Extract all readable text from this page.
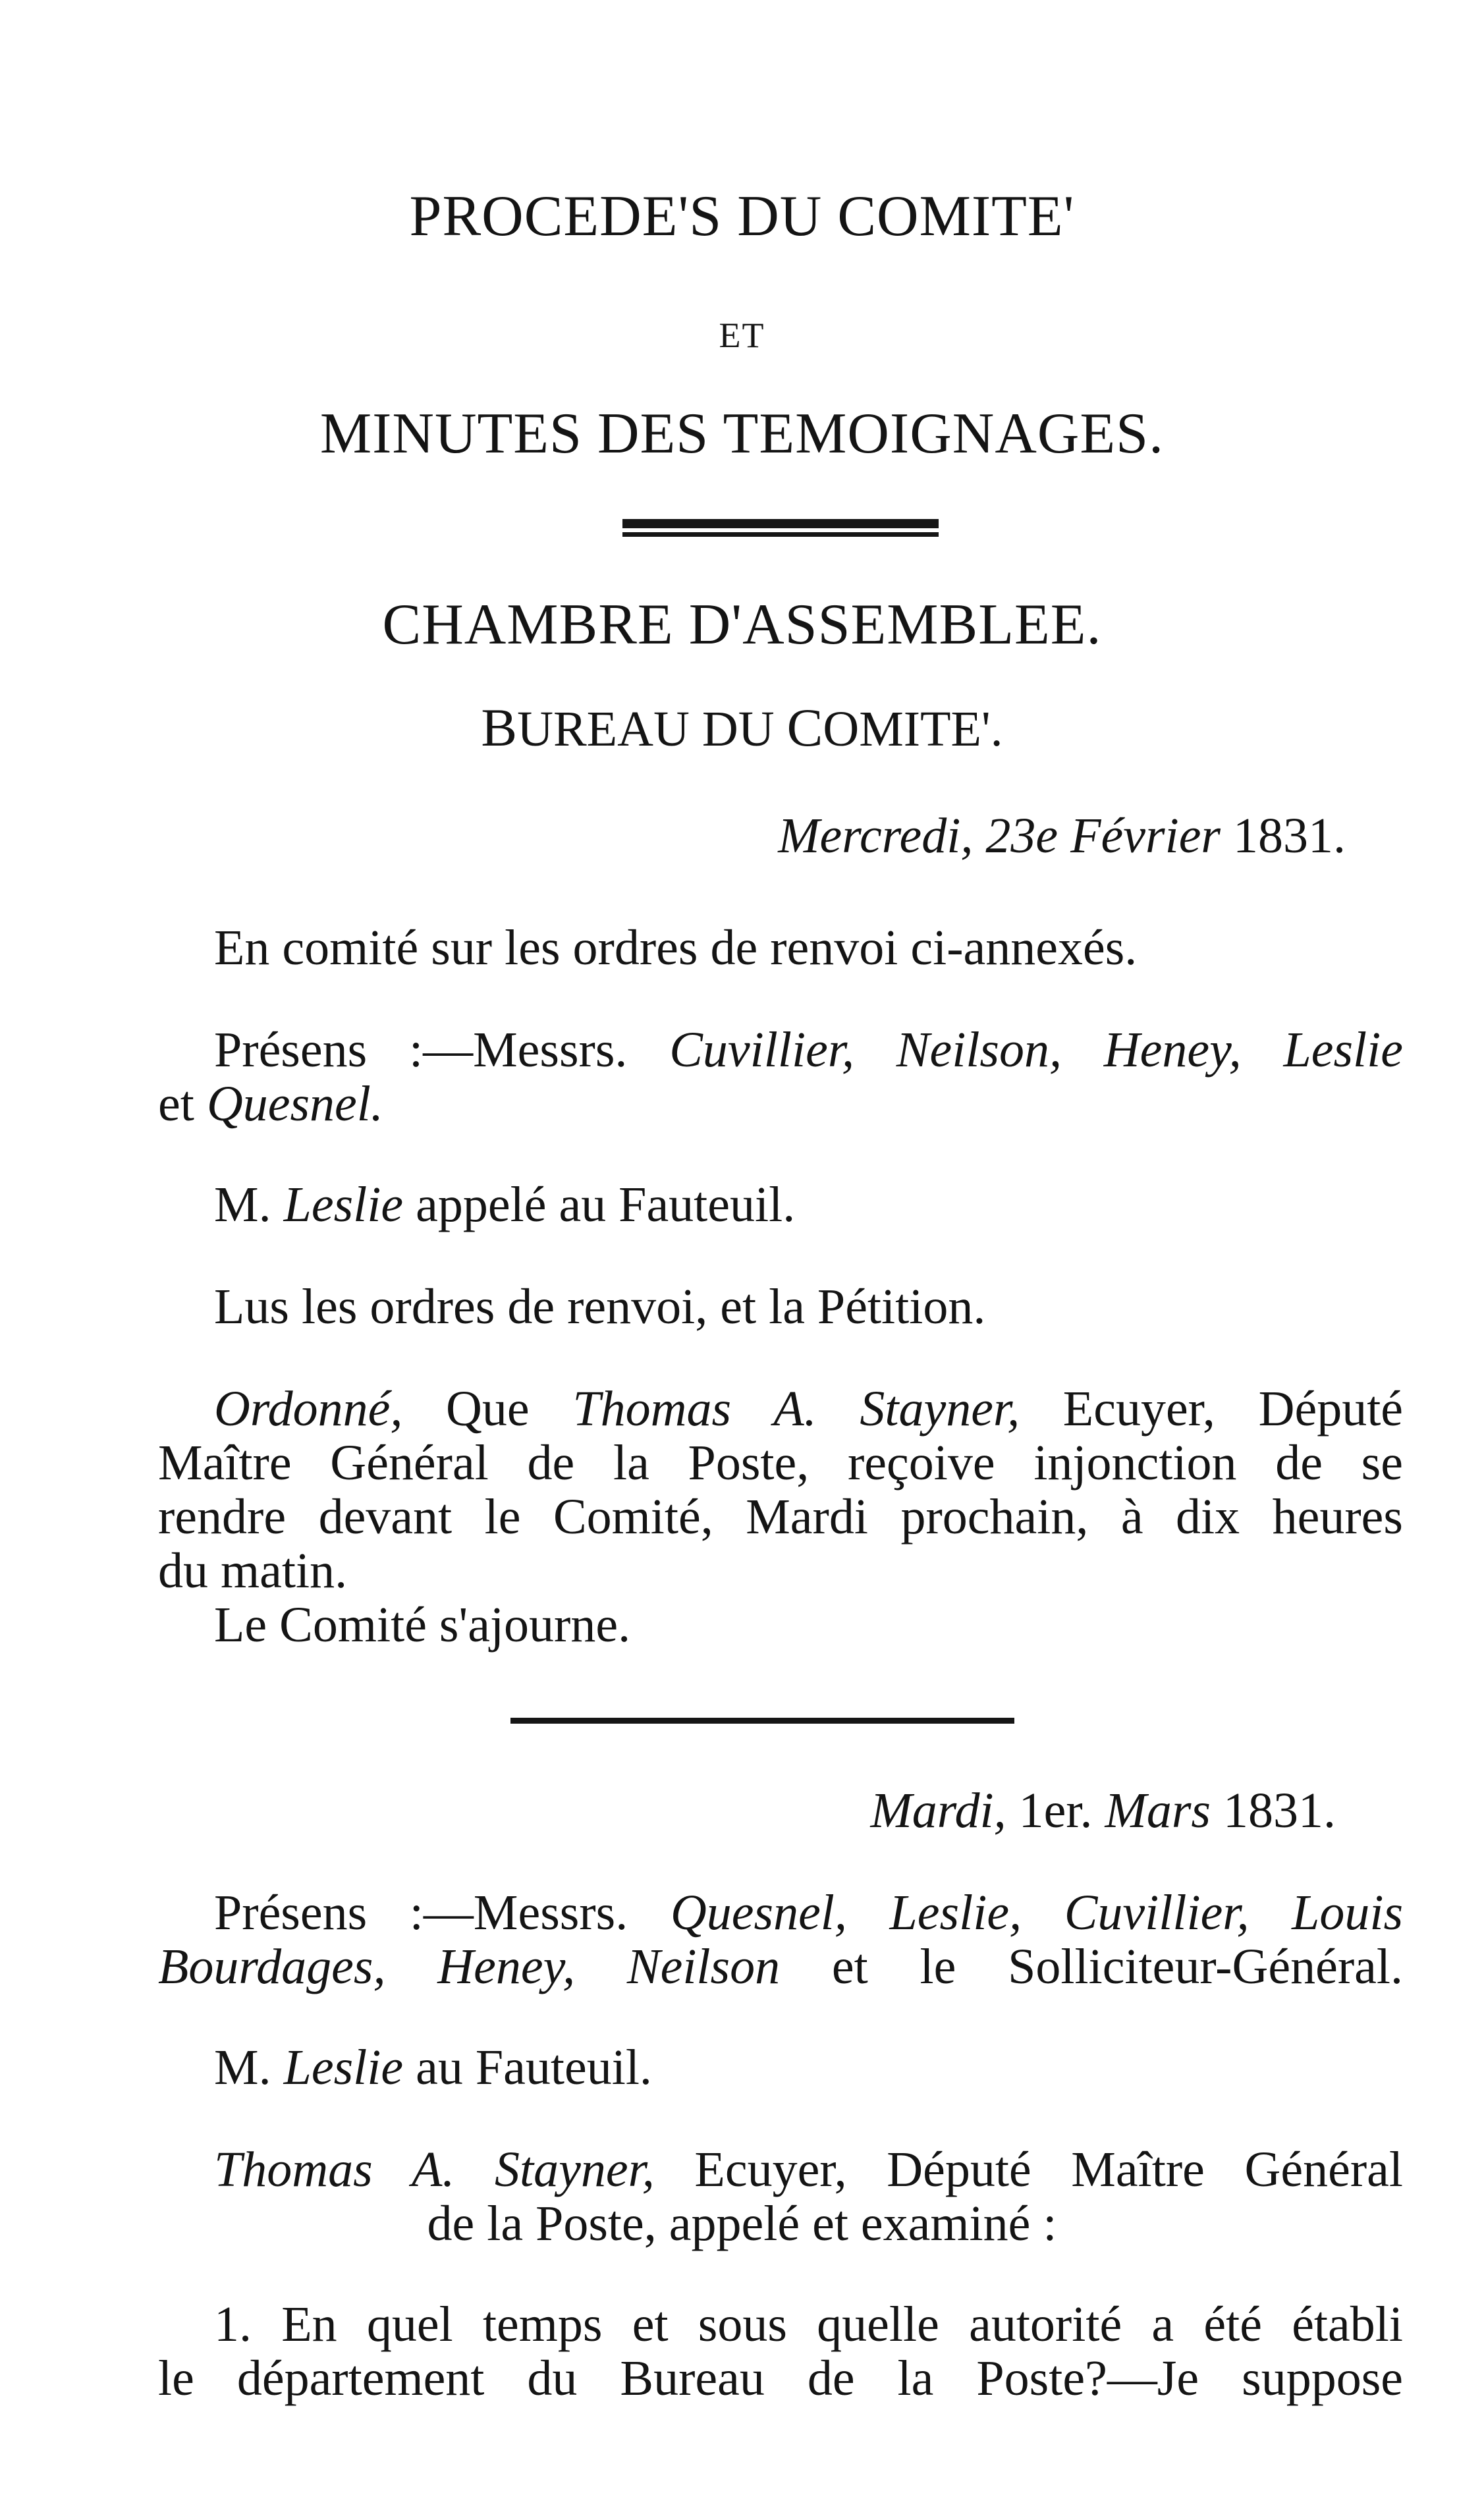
PROCEDE'S DU COMITE'
ET
MINUTES DES TEMOIGNAGES.
CHAMBRE D'ASSEMBLEE.
BUREAU DU COMITE'.
Mercredi, 23e Février 1831.
En comité sur les ordres de renvoi ci-annexés.
Présens :—Messrs. Cuvillier, Neilson, Heney, Leslie
et Quesnel.
M. Leslie appelé au Fauteuil.
Lus les ordres de renvoi, et la Pétition.
Ordonné, Que Thomas A. Stayner, Ecuyer, Député
Maître Général de la Poste, reçoive injonction de se
rendre devant le Comité, Mardi prochain, à dix heures
du matin.
Le Comité s'ajourne.
Mardi, 1er. Mars 1831.
Présens :—Messrs. Quesnel, Leslie, Cuvillier, Louis
Bourdages, Heney, Neilson et le Solliciteur-Général.
M. Leslie au Fauteuil.
Thomas A. Stayner, Ecuyer, Député Maître Général
de la Poste, appelé et examiné :
1. En quel temps et sous quelle autorité a été établi
le département du Bureau de la Poste?—Je suppose
